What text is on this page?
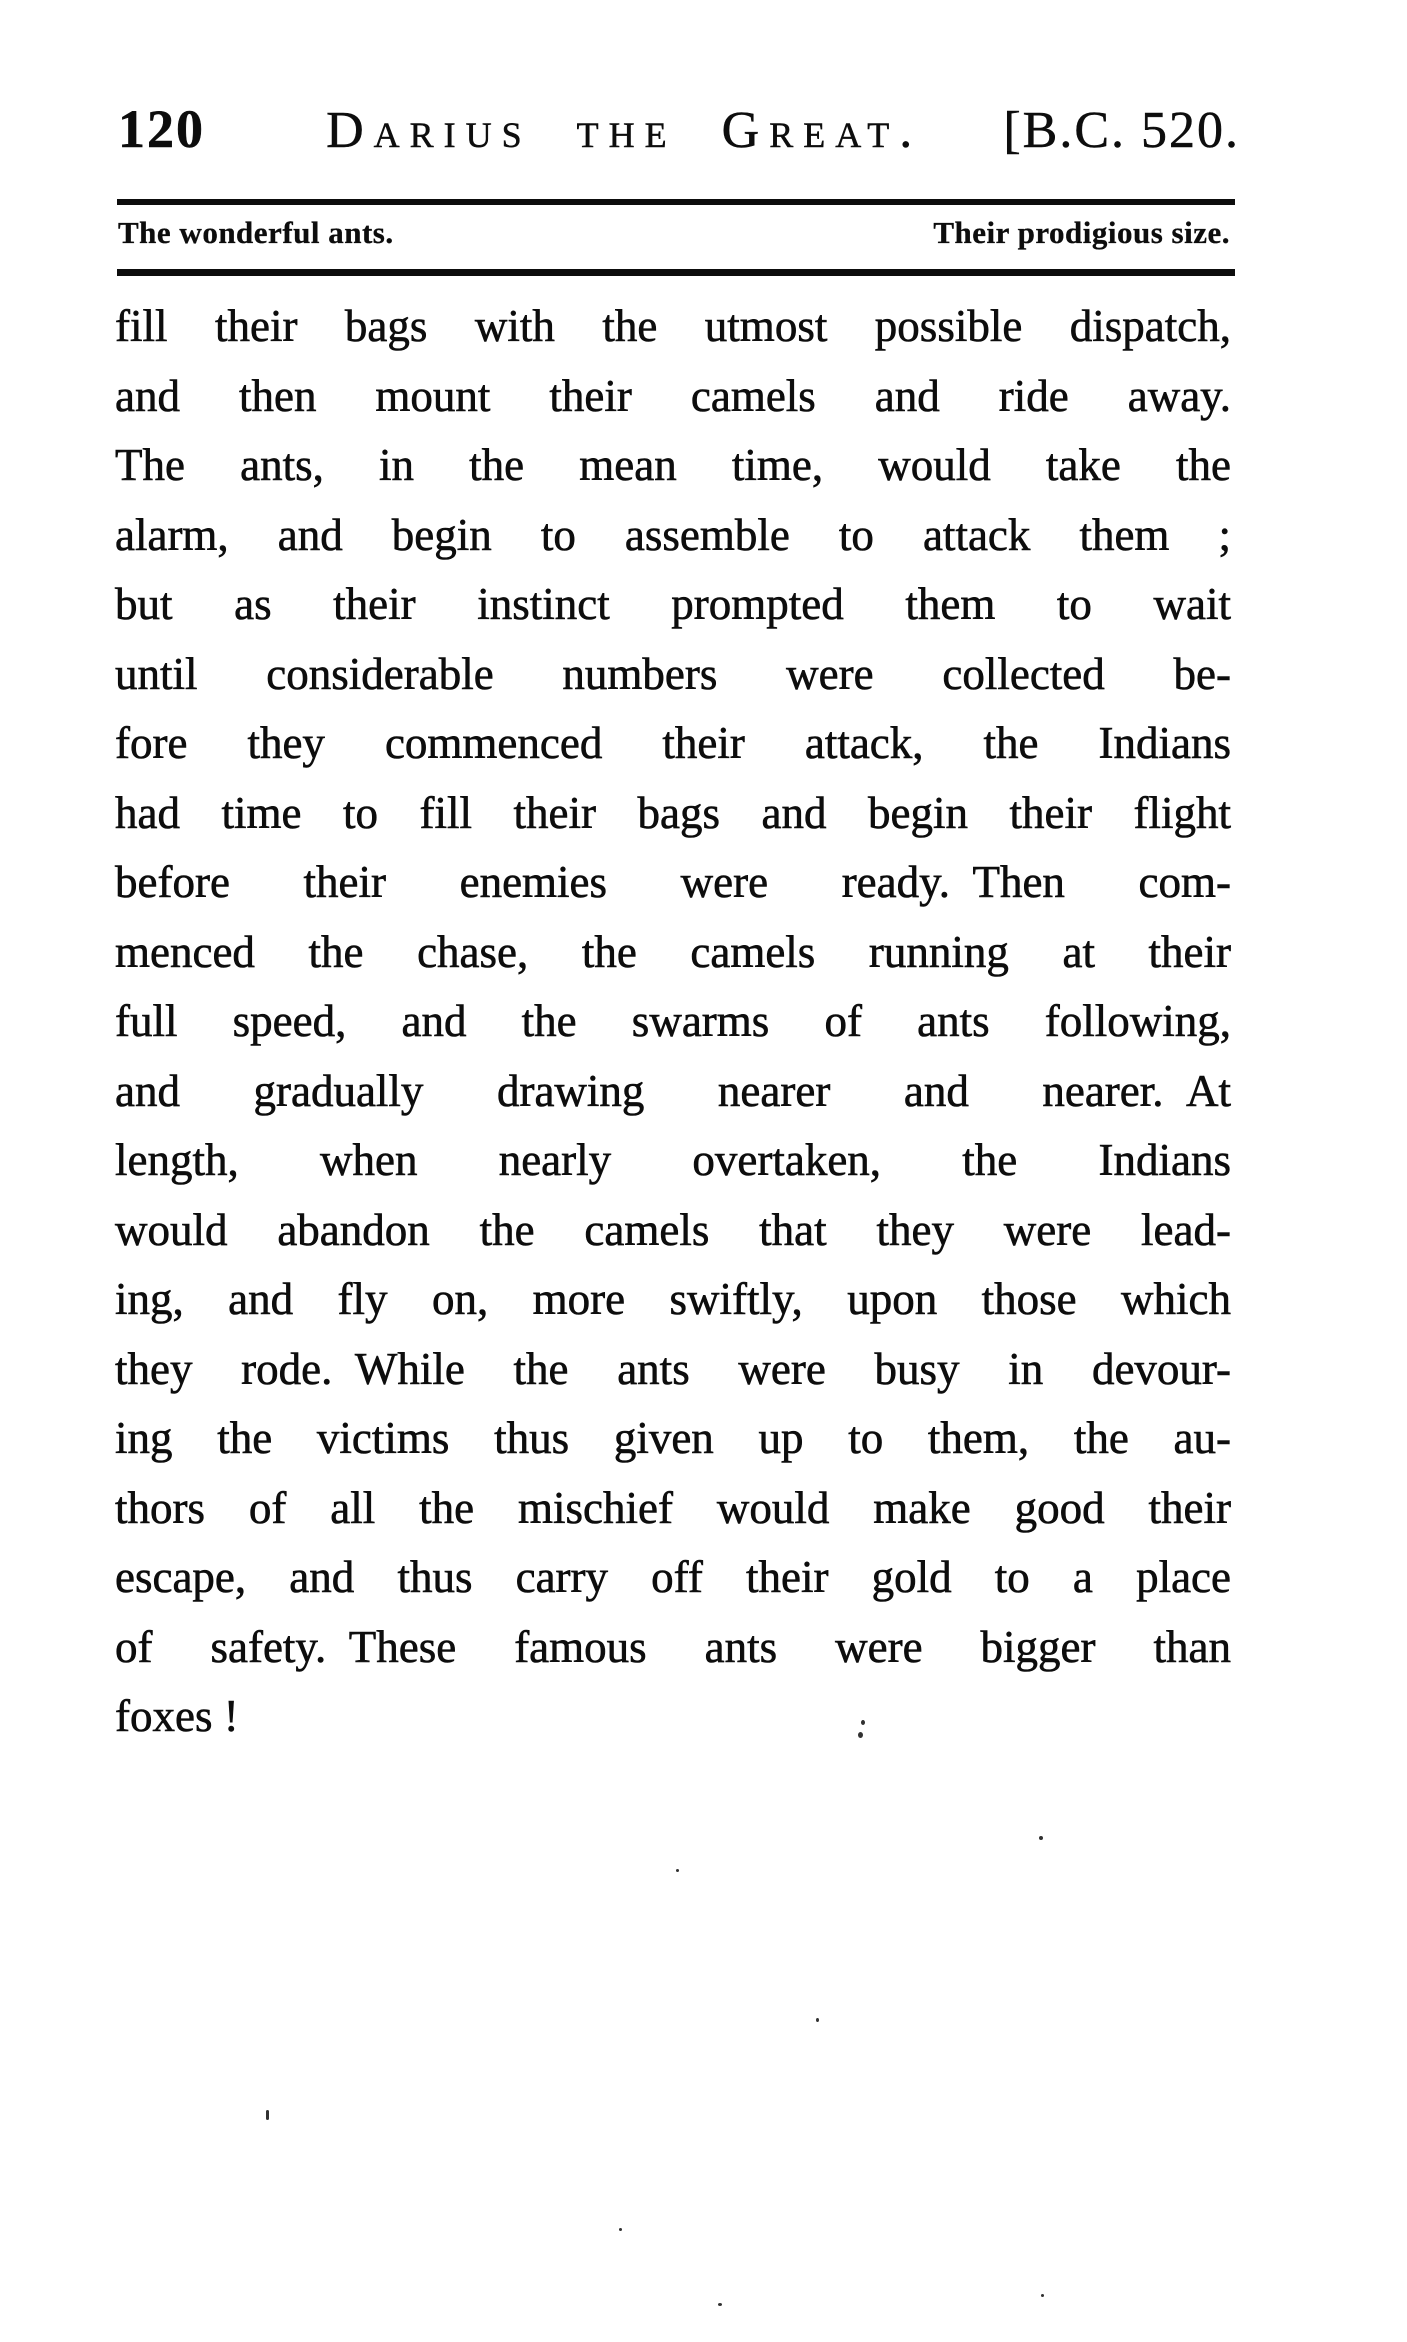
120	Darius the Great.	[B.C. 520.
The wonderful ants.	Their prodigious size.
fill their bags with the utmost possible dispatch,
and then mount their camels and ride away.
The ants, in the mean time, would take the
alarm, and begin to assemble to attack them ;
but as their instinct prompted them to wait
until considerable numbers were collected be-
fore they commenced their attack, the Indians
had time to fill their bags and begin their flight
before their enemies were ready. Then com-
menced the chase, the camels running at their
full speed, and the swarms of ants following,
and gradually drawing nearer and nearer. At
length, when nearly overtaken, the Indians
would abandon the camels that they were lead-
ing, and fly on, more swiftly, upon those which
they rode. While the ants were busy in devour-
ing the victims thus given up to them, the au-
thors of all the mischief would make good their
escape, and thus carry off their gold to a place
of safety. These famous ants were bigger than
foxes !
